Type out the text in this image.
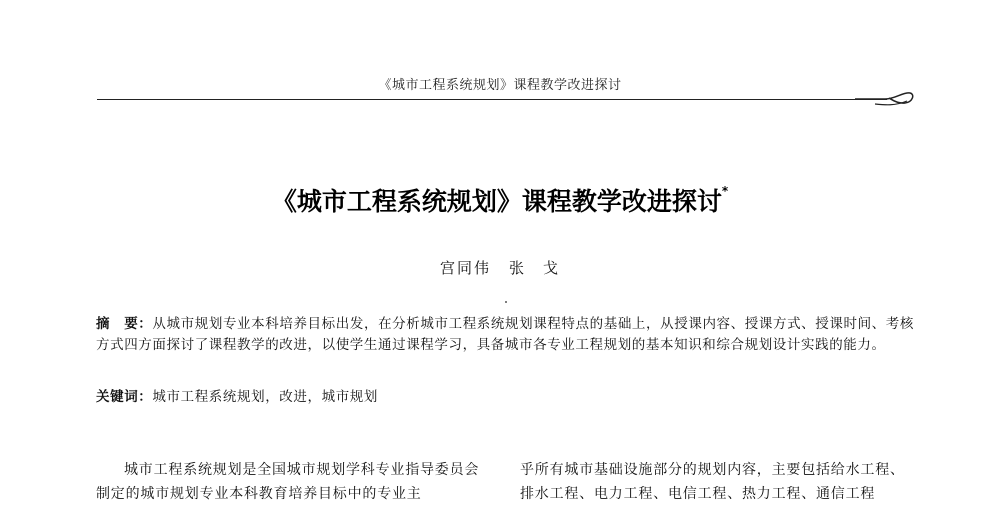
《城市工程系统规划》课程教学改进探讨
《城市工程系统规划》课程教学改进探讨*
宫同伟 张　戈
摘　要：从城市规划专业本科培养目标出发，在分析城市工程系统规划课程特点的基础上，从授课内容、授课方式、授课时间、考核方式四方面探讨了课程教学的改进，以使学生通过课程学习，具备城市各专业工程规划的基本知识和综合规划设计实践的能力。
关键词：城市工程系统规划，改进，城市规划

城市工程系统规划是全国城市规划学科专业指导委员会制定的城市规划专业本科教育培养目标中的专业主

乎所有城市基础设施部分的规划内容，主要包括给水工程、排水工程、电力工程、电信工程、热力工程、通信工程
